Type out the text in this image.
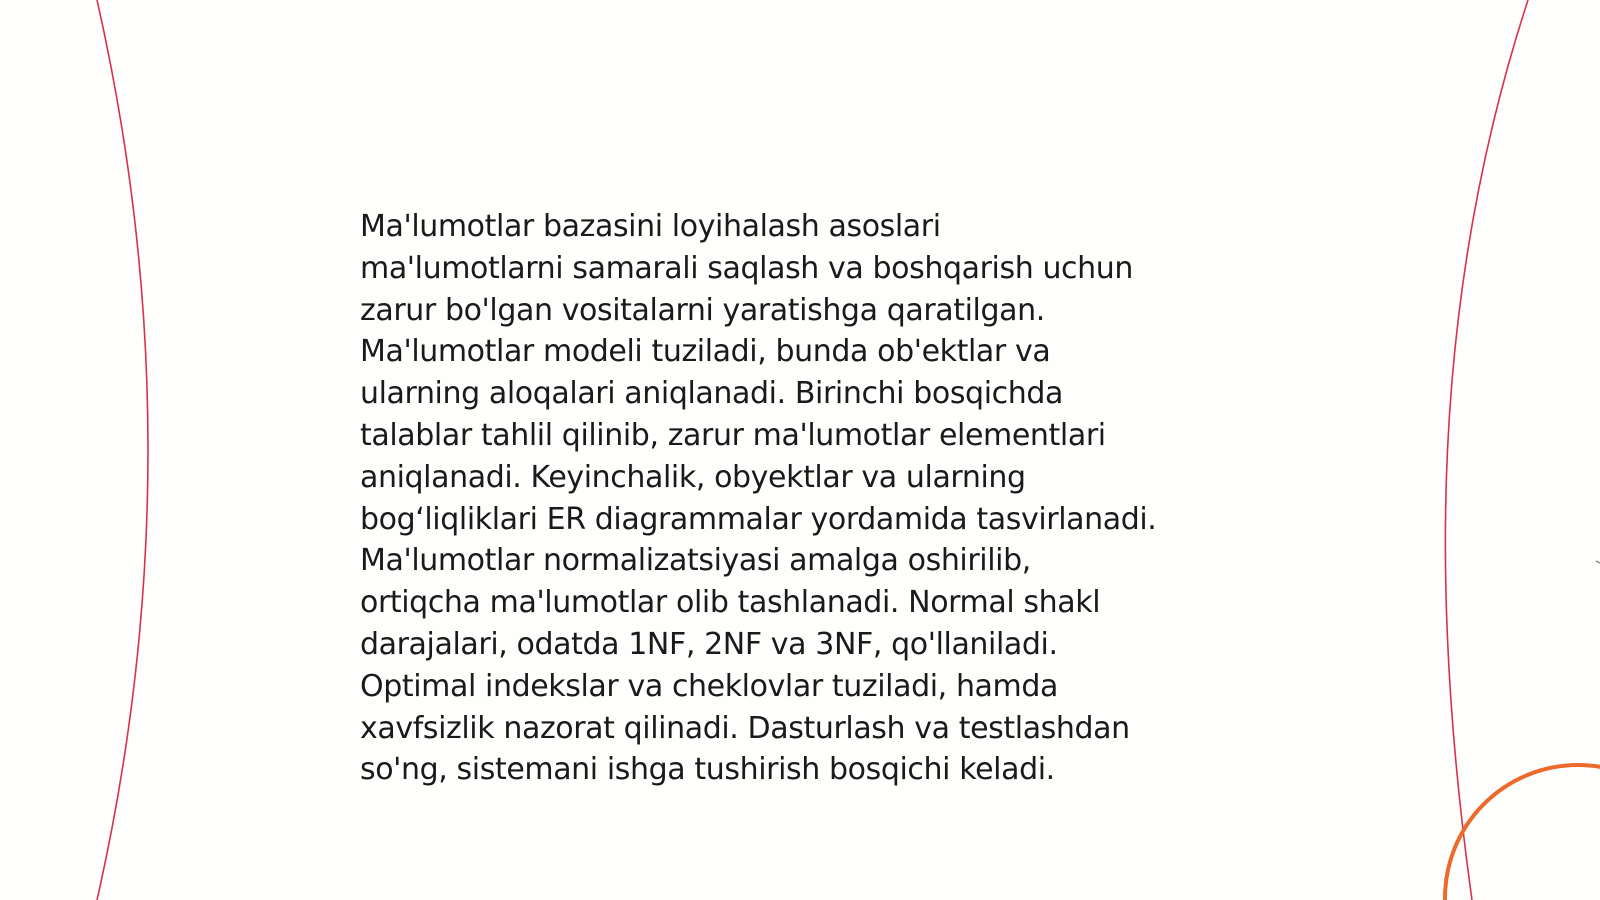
Ma'lumotlar bazasini loyihalash asoslari
ma'lumotlarni samarali saqlash va boshqarish uchun
zarur bo'lgan vositalarni yaratishga qaratilgan.
Ma'lumotlar modeli tuziladi, bunda ob'ektlar va
ularning aloqalari aniqlanadi. Birinchi bosqichda
talablar tahlil qilinib, zarur ma'lumotlar elementlari
aniqlanadi. Keyinchalik, obyektlar va ularning
bog‘liqliklari ER diagrammalar yordamida tasvirlanadi.
Ma'lumotlar normalizatsiyasi amalga oshirilib,
ortiqcha ma'lumotlar olib tashlanadi. Normal shakl
darajalari, odatda 1NF, 2NF va 3NF, qo'llaniladi.
Optimal indekslar va cheklovlar tuziladi, hamda
xavfsizlik nazorat qilinadi. Dasturlash va testlashdan
so'ng, sistemani ishga tushirish bosqichi keladi.
